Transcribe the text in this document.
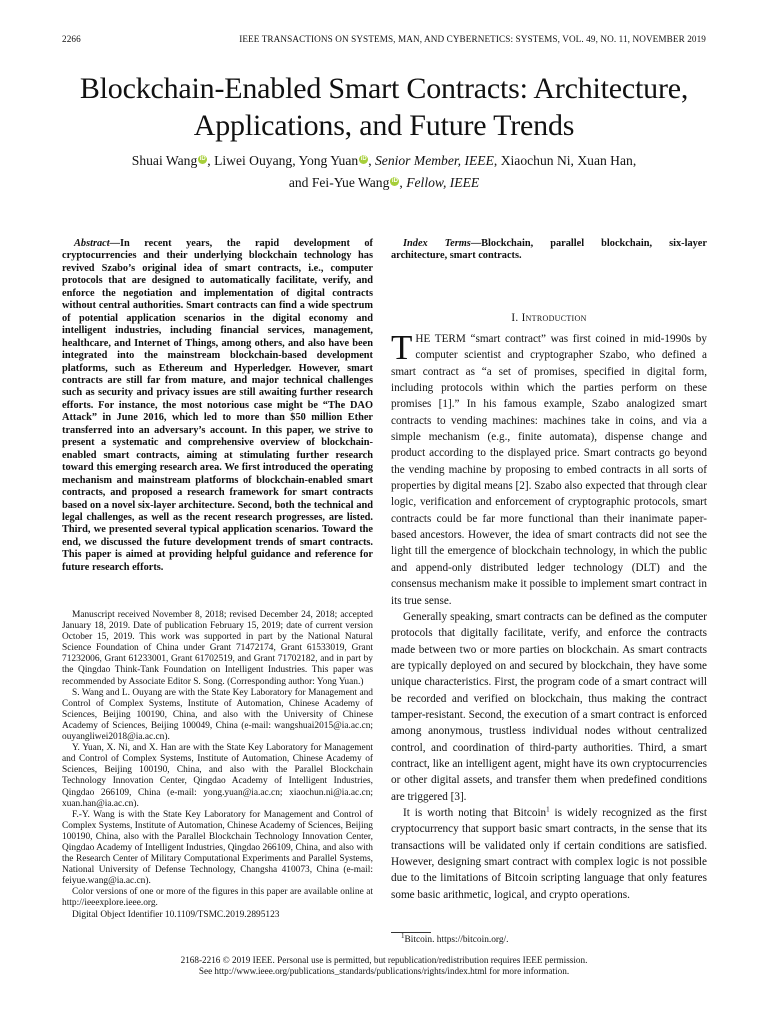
2266	IEEE TRANSACTIONS ON SYSTEMS, MAN, AND CYBERNETICS: SYSTEMS, VOL. 49, NO. 11, NOVEMBER 2019
Blockchain-Enabled Smart Contracts: Architecture,
Applications, and Future Trends
Shuai Wang iD , Liwei Ouyang, Yong Yuan iD , Senior Member, IEEE, Xiaochun Ni, Xuan Han,
and Fei-Yue Wang iD , Fellow, IEEE
Abstract—In recent years, the rapid development of cryptocurrencies and their underlying blockchain technology has revived Szabo’s original idea of smart contracts, i.e., computer protocols that are designed to automatically facilitate, verify, and enforce the negotiation and implementation of digital contracts without central authorities. Smart contracts can find a wide spectrum of potential application scenarios in the digital economy and intelligent industries, including financial services, management, healthcare, and Internet of Things, among others, and also have been integrated into the mainstream blockchain-based development platforms, such as Ethereum and Hyperledger. However, smart contracts are still far from mature, and major technical challenges such as security and privacy issues are still awaiting further research efforts. For instance, the most notorious case might be “The DAO Attack” in June 2016, which led to more than $50 million Ether transferred into an adversary’s account. In this paper, we strive to present a systematic and comprehensive overview of blockchain-enabled smart contracts, aiming at stimulating further research toward this emerging research area. We first introduced the operating mechanism and mainstream platforms of blockchain-enabled smart contracts, and proposed a research framework for smart contracts based on a novel six-layer architecture. Second, both the technical and legal challenges, as well as the recent research progresses, are listed. Third, we presented several typical application scenarios. Toward the end, we discussed the future development trends of smart contracts. This paper is aimed at providing helpful guidance and reference for future research efforts.

Manuscript received November 8, 2018; revised December 24, 2018; accepted January 18, 2019. Date of publication February 15, 2019; date of current version October 15, 2019. This work was supported in part by the National Natural Science Foundation of China under Grant 71472174, Grant 61533019, Grant 71232006, Grant 61233001, Grant 61702519, and Grant 71702182, and in part by the Qingdao Think-Tank Foundation on Intelligent Industries. This paper was recommended by Associate Editor S. Song. (Corresponding author: Yong Yuan.)

S. Wang and L. Ouyang are with the State Key Laboratory for Management and Control of Complex Systems, Institute of Automation, Chinese Academy of Sciences, Beijing 100190, China, and also with the University of Chinese Academy of Sciences, Beijing 100049, China (e-mail: wangshuai2015@ia.ac.cn; ouyangliwei2018@ia.ac.cn).

Y. Yuan, X. Ni, and X. Han are with the State Key Laboratory for Management and Control of Complex Systems, Institute of Automation, Chinese Academy of Sciences, Beijing 100190, China, and also with the Parallel Blockchain Technology Innovation Center, Qingdao Academy of Intelligent Industries, Qingdao 266109, China (e-mail: yong.yuan@ia.ac.cn; xiaochun.ni@ia.ac.cn; xuan.han@ia.ac.cn).

F.-Y. Wang is with the State Key Laboratory for Management and Control of Complex Systems, Institute of Automation, Chinese Academy of Sciences, Beijing 100190, China, also with the Parallel Blockchain Technology Innovation Center, Qingdao Academy of Intelligent Industries, Qingdao 266109, China, and also with the Research Center of Military Computational Experiments and Parallel Systems, National University of Defense Technology, Changsha 410073, China (e-mail: feiyue.wang@ia.ac.cn).

Color versions of one or more of the figures in this paper are available online at http://ieeexplore.ieee.org.

Digital Object Identifier 10.1109/TSMC.2019.2895123

Index Terms—Blockchain, parallel blockchain, six-layer architecture, smart contracts.
I. Introduction

THE TERM “smart contract” was first coined in mid-1990s by computer scientist and cryptographer Szabo, who defined a smart contract as “a set of promises, specified in digital form, including protocols within which the parties perform on these promises [1].” In his famous example, Szabo analogized smart contracts to vending machines: machines take in coins, and via a simple mechanism (e.g., finite automata), dispense change and product according to the displayed price. Smart contracts go beyond the vending machine by proposing to embed contracts in all sorts of properties by digital means [2]. Szabo also expected that through clear logic, verification and enforcement of cryptographic protocols, smart contracts could be far more functional than their inanimate paper-based ancestors. However, the idea of smart contracts did not see the light till the emergence of blockchain technology, in which the public and append-only distributed ledger technology (DLT) and the consensus mechanism make it possible to implement smart contract in its true sense.

Generally speaking, smart contracts can be defined as the computer protocols that digitally facilitate, verify, and enforce the contracts made between two or more parties on blockchain. As smart contracts are typically deployed on and secured by blockchain, they have some unique characteristics. First, the program code of a smart contract will be recorded and verified on blockchain, thus making the contract tamper-resistant. Second, the execution of a smart contract is enforced among anonymous, trustless individual nodes without centralized control, and coordination of third-party authorities. Third, a smart contract, like an intelligent agent, might have its own cryptocurrencies or other digital assets, and transfer them when predefined conditions are triggered [3].

It is worth noting that Bitcoin$^1$ is widely recognized as the first cryptocurrency that support basic smart contracts, in the sense that its transactions will be validated only if certain conditions are satisfied. However, designing smart contract with complex logic is not possible due to the limitations of Bitcoin scripting language that only features some basic arithmetic, logical, and crypto operations.

$^1$Bitcoin. https://bitcoin.org/.
2168-2216 © 2019 IEEE. Personal use is permitted, but republication/redistribution requires IEEE permission.
See http://www.ieee.org/publications_standards/publications/rights/index.html for more information.
